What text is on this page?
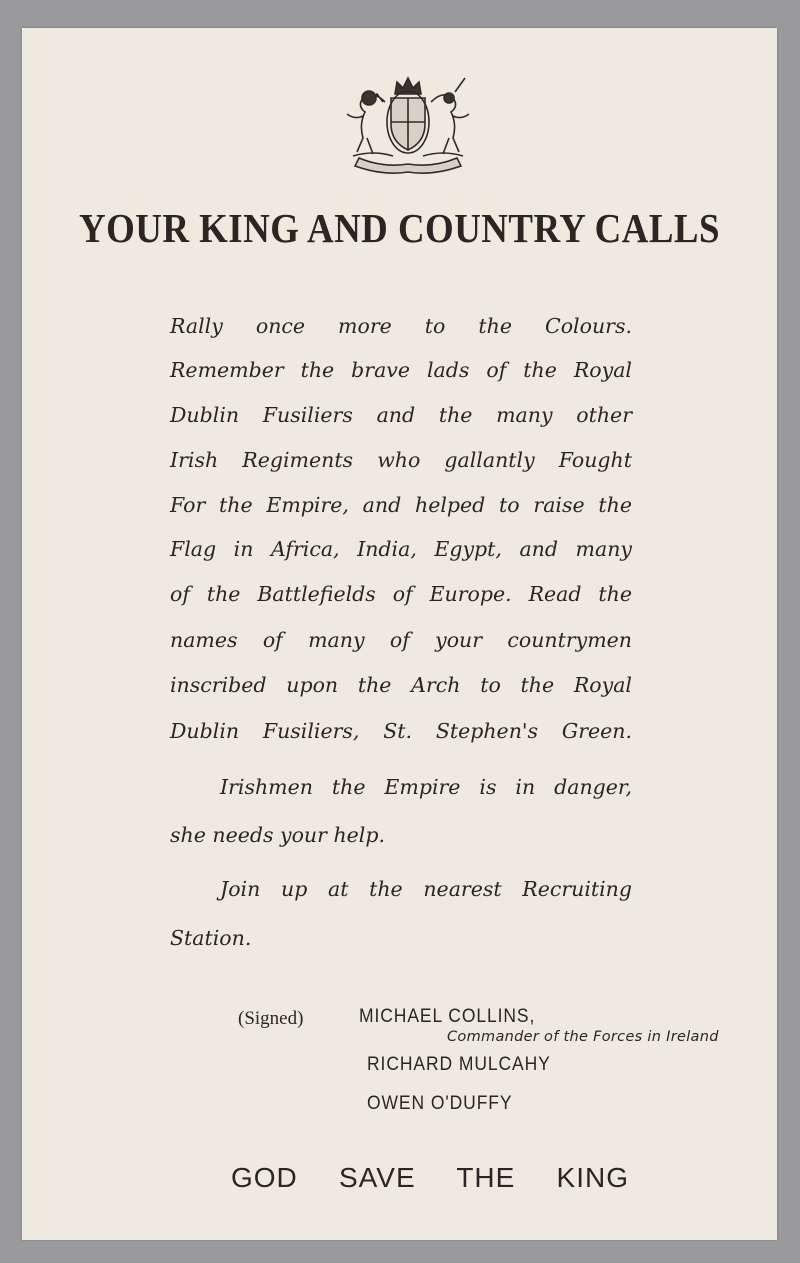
YOUR KING AND COUNTRY CALLS
Rally once more to the Colours.
Remember the brave lads of the Royal
Dublin Fusiliers and the many other
Irish Regiments who gallantly Fought
For the Empire, and helped to raise the
Flag in Africa, India, Egypt, and many
of the Battlefields of Europe. Read the
names of many of your countrymen
inscribed upon the Arch to the Royal
Dublin Fusiliers, St. Stephen's Green.
Irishmen the Empire is in danger,
she needs your help.
Join up at the nearest Recruiting
Station.
(Signed)	MICHAEL COLLINS,
Commander of the Forces in Ireland
RICHARD MULCAHY
OWEN O'DUFFY
GOD SAVE THE KING
